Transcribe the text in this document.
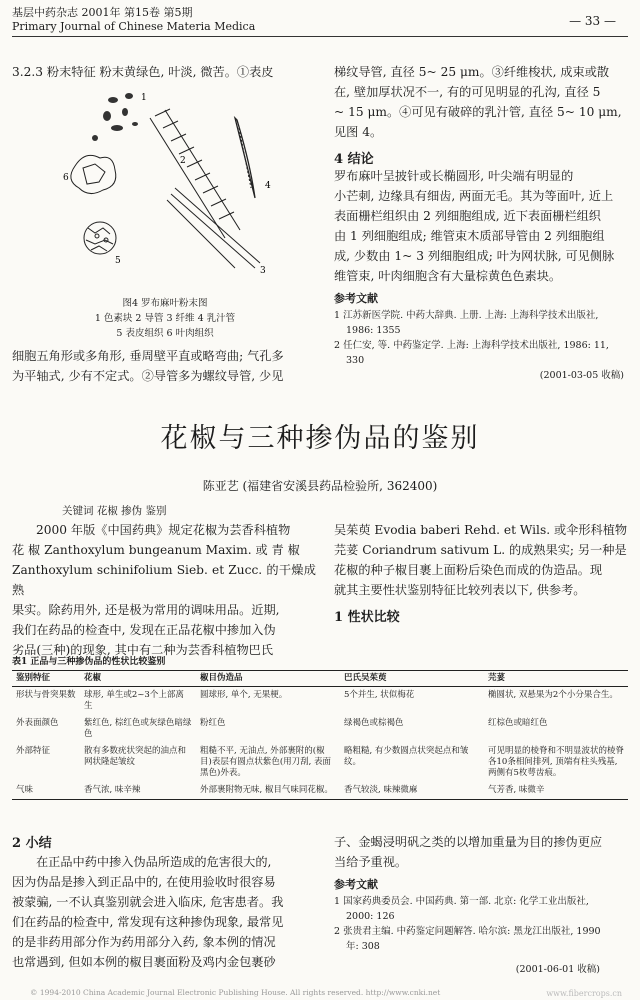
基层中药杂志 2001年 第15卷 第5期
Primary Journal of Chinese Materia Medica	— 33 —
3.2.3 粉末特征 粉末黄绿色, 叶淡, 微苦。①表皮
1
2
3
4
5
6
图4 罗布麻叶粉末图
1 色素块 2 导管 3 纤维 4 乳汁管
5 表皮组织 6 叶肉组织
细胞五角形或多角形, 垂周壁平直或略弯曲; 气孔多
为平轴式, 少有不定式。②导管多为螺纹导管, 少见
梯纹导管, 直径 5~ 25 μm。③纤维梭状, 成束或散
在, 壁加厚状况不一, 有的可见明显的孔沟, 直径 5
~ 15 μm。④可见有破碎的乳汁管, 直径 5~ 10 μm,
见图 4。
4 结论
罗布麻叶呈披针或长椭圆形, 叶尖端有明显的
小芒刺, 边缘具有细齿, 两面无毛。其为等面叶, 近上
表面栅栏组织由 2 列细胞组成, 近下表面栅栏组织
由 1 列细胞组成; 维管束木质部导管由 2 列细胞组
成, 少数由 1~ 3 列细胞组成; 叶为网状脉, 可见侧脉
维管束, 叶肉细胞含有大量棕黄色色素块。
参考文献
1 江苏新医学院. 中药大辞典. 上册. 上海: 上海科学技术出版社,
1986: 1355
2 任仁安, 等. 中药鉴定学. 上海: 上海科学技术出版社, 1986: 11,
330
(2001-03-05 收稿)
花椒与三种掺伪品的鉴别
陈亚艺 (福建省安溪县药品检验所, 362400)
关键词 花椒 掺伪 鉴别
2000 年版《中国药典》规定花椒为芸香科植物
花 椒 Zanthoxylum bungeanum Maxim. 或 青 椒
Zanthoxylum schinifolium Sieb. et Zucc. 的干燥成熟
果实。除药用外, 还是极为常用的调味用品。近期,
我们在药品的检查中, 发现在正品花椒中掺加入伪
劣品(三种)的现象, 其中有二种为芸香科植物巴氏
吴茱萸 Evodia baberi Rehd. et Wils. 或伞形科植物
芫荽 Coriandrum sativum L. 的成熟果实; 另一种是
花椒的种子椒目裹上面粉后染色而成的伪造品。现
就其主要性状鉴别特征比较列表以下, 供参考。
1 性状比较
表1 正品与三种掺伪品的性状比较鉴别
鉴别特征	花椒	椒目伪造品	巴氏吴茱萸	芫荽
形状与骨突果数	球形, 单生或2~3个上部离生	圆球形, 单个, 无果梗。	5个并生, 状似梅花	椭圆状, 双悬果为2个小分果合生。
外表面颜色	紫红色, 棕红色或灰绿色暗绿色	粉红色	绿褐色或棕褐色	红棕色或暗红色
外部特征	散有多数疣状突起的油点和网状隆起皱纹	粗糙不平, 无油点, 外部裹附的(椒目)表层有圆点状紫色(用刀刮, 表面黑色)外表。	略粗糙, 有少数圆点状突起点和皱纹。	可见明显的棱脊和不明显波状的棱脊各10条相间排列, 顶端有柱头残基, 两侧有5枚萼齿痕。
气味	香气浓, 味辛辣	外部裹附物无味, 椒目气味同花椒。	香气较淡, 味辣微麻	气芳香, 味微辛
2 小结
在正品中药中掺入伪品所造成的危害很大的,
因为伪品是掺入到正品中的, 在使用验收时很容易
被蒙骗, 一不认真鉴别就会进入临床, 危害患者。我
们在药品的检查中, 常发现有这种掺伪现象, 最常见
的是非药用部分作为药用部分入药, 象本例的情况
也常遇到, 但如本例的椒目裹面粉及鸡内金包裹砂
子、金蝎浸明矾之类的以增加重量为目的掺伪更应
当给予重视。
参考文献
1 国家药典委员会. 中国药典. 第一部. 北京: 化学工业出版社,
2000: 126
2 张贵君主编. 中药鉴定问题解答. 哈尔滨: 黑龙江出版社, 1990
年: 308
(2001-06-01 收稿)
© 1994-2010 China Academic Journal Electronic Publishing House. All rights reserved. http://www.cnki.net	www.fibercrops.cn
